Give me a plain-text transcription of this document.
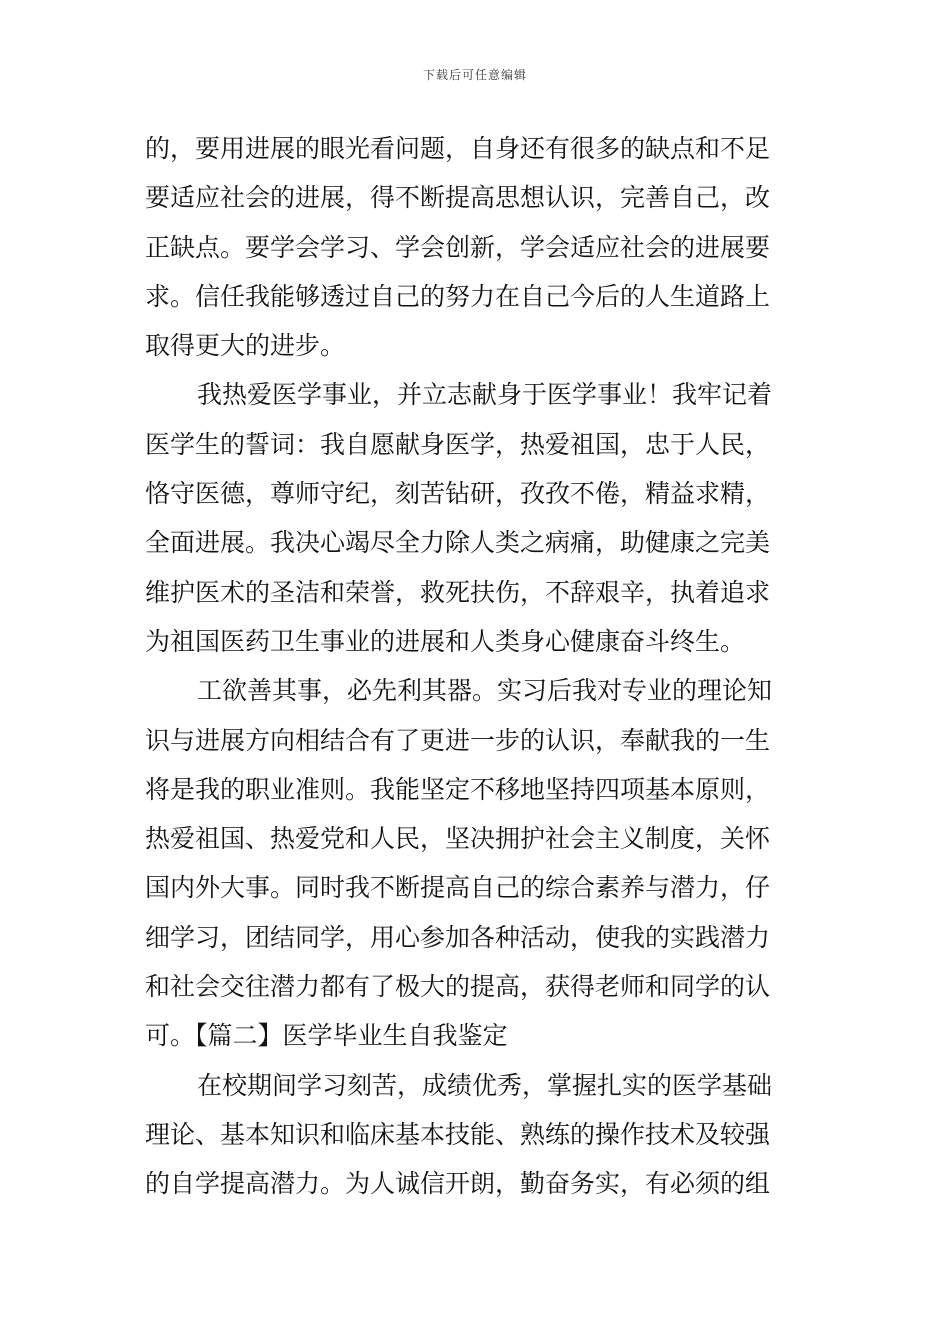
下载后可任意编辑
的，要用进展的眼光看问题，自身还有很多的缺点和不足
要适应社会的进展，得不断提高思想认识，完善自己，改
正缺点。要学会学习、学会创新，学会适应社会的进展要
求。信任我能够透过自己的努力在自己今后的人生道路上
取得更大的进步。
我热爱医学事业，并立志献身于医学事业！我牢记着
医学生的誓词：我自愿献身医学，热爱祖国，忠于人民，
恪守医德，尊师守纪，刻苦钻研，孜孜不倦，精益求精，
全面进展。我决心竭尽全力除人类之病痛，助健康之完美
维护医术的圣洁和荣誉，救死扶伤，不辞艰辛，执着追求
为祖国医药卫生事业的进展和人类身心健康奋斗终生。
工欲善其事，必先利其器。实习后我对专业的理论知
识与进展方向相结合有了更进一步的认识，奉献我的一生
将是我的职业准则。我能坚定不移地坚持四项基本原则，
热爱祖国、热爱党和人民，坚决拥护社会主义制度，关怀
国内外大事。同时我不断提高自己的综合素养与潜力，仔
细学习，团结同学，用心参加各种活动，使我的实践潜力
和社会交往潜力都有了极大的提高，获得老师和同学的认
可。【篇二】医学毕业生自我鉴定
在校期间学习刻苦，成绩优秀，掌握扎实的医学基础
理论、基本知识和临床基本技能、熟练的操作技术及较强
的自学提高潜力。为人诚信开朗，勤奋务实，有必须的组
